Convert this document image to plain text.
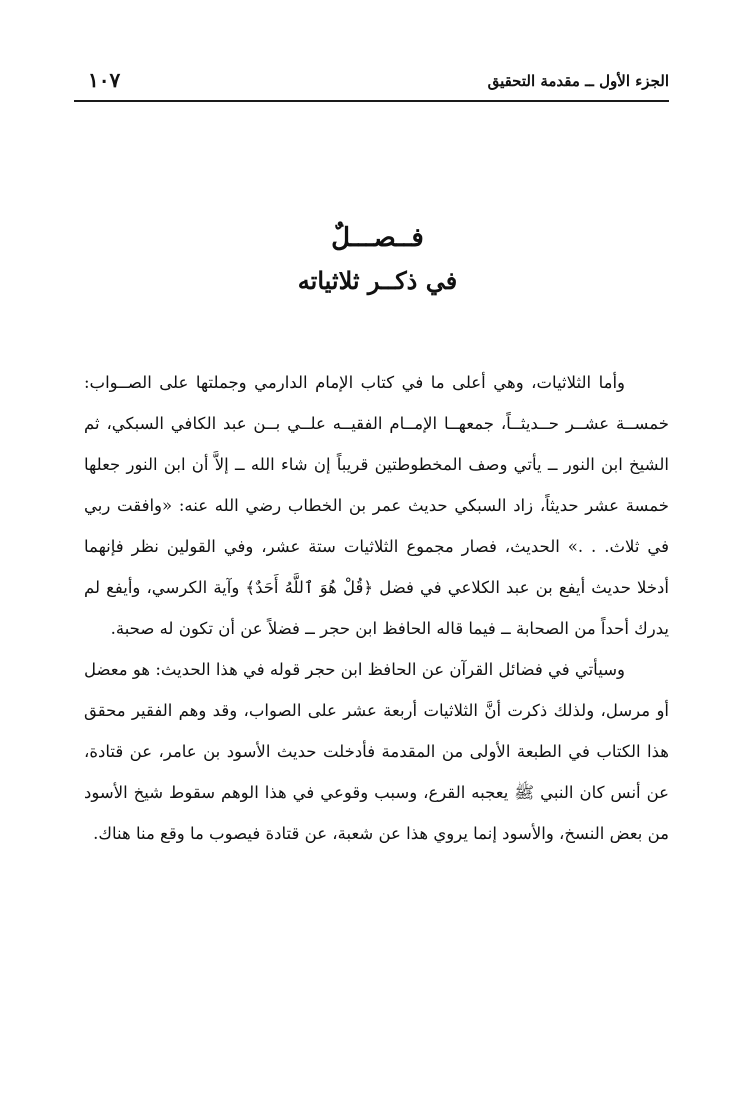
الجزء الأول ــ مقدمة التحقيق
١٠٧
فــصـــلٌ
في ذكــر ثلاثياته

وأما الثلاثيات، وهي أعلى ما في كتاب الإمام الدارمي وجملتها على الصــواب: خمســة عشــر حــديثــاً، جمعهــا الإمــام الفقيــه علــي بــن عبد الكافي السبكي، ثم الشيخ ابن النور ــ يأتي وصف المخطوطتين قريباً إن شاء الله ــ إلاَّ أن ابن النور جعلها خمسة عشر حديثاً، زاد السبكي حديث عمر بن الخطاب رضي الله عنه: «وافقت ربي في ثلاث. . .» الحديث، فصار مجموع الثلاثيات ستة عشر، وفي القولين نظر فإنهما أدخلا حديث أيفع بن عبد الكلاعي في فضل ﴿قُلْ هُوَ ٱللَّهُ أَحَدٌ﴾ وآية الكرسي، وأيفع لم يدرك أحداً من الصحابة ــ فيما قاله الحافظ ابن حجر ــ فضلاً عن أن تكون له صحبة.

وسيأتي في فضائل القرآن عن الحافظ ابن حجر قوله في هذا الحديث: هو معضل أو مرسل، ولذلك ذكرت أنَّ الثلاثيات أربعة عشر على الصواب، وقد وهم الفقير محقق هذا الكتاب في الطبعة الأولى من المقدمة فأدخلت حديث الأسود بن عامر، عن قتادة، عن أنس كان النبي ﷺ يعجبه القرع، وسبب وقوعي في هذا الوهم سقوط شيخ الأسود من بعض النسخ، والأسود إنما يروي هذا عن شعبة، عن قتادة فيصوب ما وقع منا هناك.
